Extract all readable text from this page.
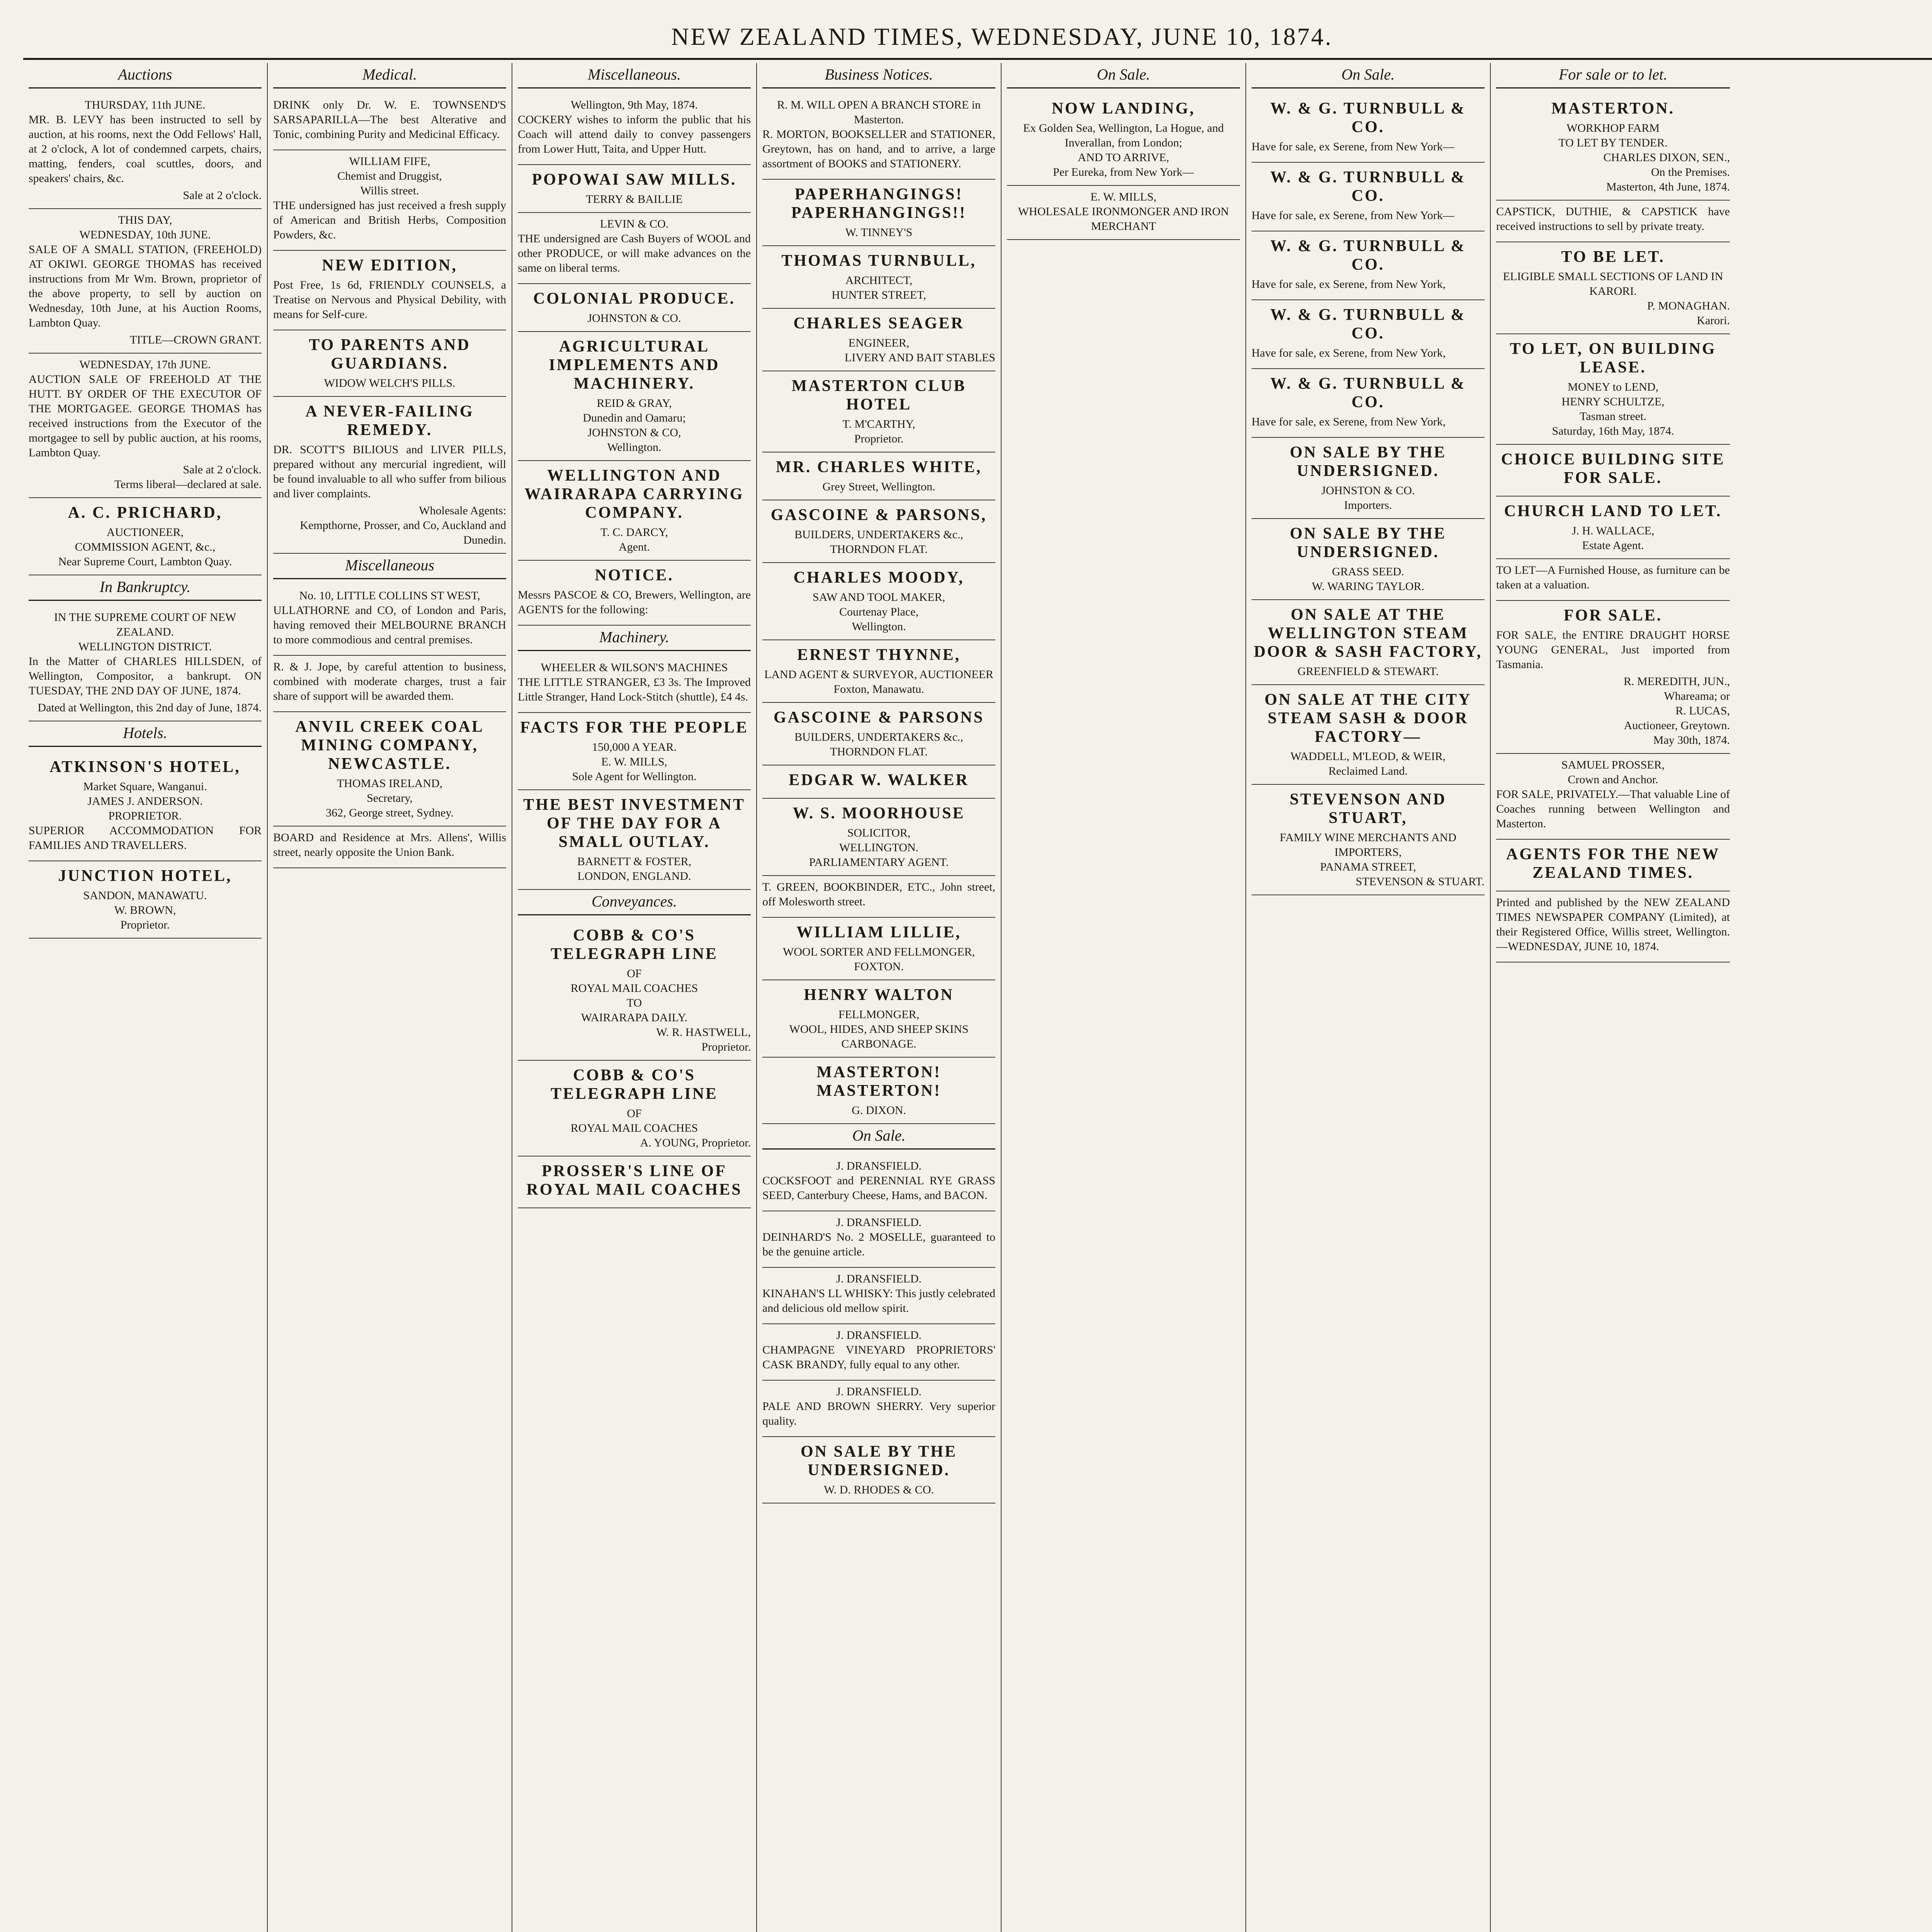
NEW ZEALAND TIMES, WEDNESDAY, JUNE 10, 1874.
Auctions

THURSDAY, 11th JUNE.

MR. B. LEVY has been instructed to sell by auction, at his rooms, next the Odd Fellows' Hall, at 2 o'clock, A lot of condemned carpets, chairs, matting, fenders, coal scuttles, doors, and speakers' chairs, &c.

Sale at 2 o'clock.

THIS DAY,

WEDNESDAY, 10th JUNE.

SALE OF A SMALL STATION, (FREEHOLD) AT OKIWI. GEORGE THOMAS has received instructions from Mr Wm. Brown, proprietor of the above property, to sell by auction on Wednesday, 10th June, at his Auction Rooms, Lambton Quay.

TITLE—CROWN GRANT.

WEDNESDAY, 17th JUNE.

AUCTION SALE OF FREEHOLD AT THE HUTT. BY ORDER OF THE EXECUTOR OF THE MORTGAGEE. GEORGE THOMAS has received instructions from the Executor of the mortgagee to sell by public auction, at his rooms, Lambton Quay.

Sale at 2 o'clock.

Terms liberal—declared at sale.

A. C. PRICHARD,

AUCTIONEER,

COMMISSION AGENT, &c.,

Near Supreme Court, Lambton Quay.

In Bankruptcy.

IN THE SUPREME COURT OF NEW ZEALAND.

WELLINGTON DISTRICT.

In the Matter of CHARLES HILLSDEN, of Wellington, Compositor, a bankrupt. ON TUESDAY, THE 2ND DAY OF JUNE, 1874.

Dated at Wellington, this 2nd day of June, 1874.

Hotels.
ATKINSON'S HOTEL,

Market Square, Wanganui.

JAMES J. ANDERSON.

PROPRIETOR.

SUPERIOR ACCOMMODATION FOR FAMILIES AND TRAVELLERS.

JUNCTION HOTEL,

SANDON, MANAWATU.

W. BROWN,

Proprietor.

Medical.

DRINK only Dr. W. E. TOWNSEND'S SARSAPARILLA—The best Alterative and Tonic, combining Purity and Medicinal Efficacy.

WILLIAM FIFE,

Chemist and Druggist,

Willis street.

THE undersigned has just received a fresh supply of American and British Herbs, Composition Powders, &c.

NEW EDITION,

Post Free, 1s 6d, FRIENDLY COUNSELS, a Treatise on Nervous and Physical Debility, with means for Self-cure.

TO PARENTS AND GUARDIANS.

WIDOW WELCH'S PILLS.

A NEVER-FAILING REMEDY.

DR. SCOTT'S BILIOUS and LIVER PILLS, prepared without any mercurial ingredient, will be found invaluable to all who suffer from bilious and liver complaints.

Wholesale Agents:

Kempthorne, Prosser, and Co, Auckland and Dunedin.

Miscellaneous

No. 10, LITTLE COLLINS ST WEST,

ULLATHORNE and CO, of London and Paris, having removed their MELBOURNE BRANCH to more commodious and central premises.

R. & J. Jope, by careful attention to business, combined with moderate charges, trust a fair share of support will be awarded them.

ANVIL CREEK COAL MINING COMPANY, NEWCASTLE.

THOMAS IRELAND,

Secretary,

362, George street, Sydney.

BOARD and Residence at Mrs. Allens', Willis street, nearly opposite the Union Bank.

Miscellaneous.

Wellington, 9th May, 1874.

COCKERY wishes to inform the public that his Coach will attend daily to convey passengers from Lower Hutt, Taita, and Upper Hutt.

POPOWAI SAW MILLS.

TERRY & BAILLIE

LEVIN & CO.

THE undersigned are Cash Buyers of WOOL and other PRODUCE, or will make advances on the same on liberal terms.

COLONIAL PRODUCE.

JOHNSTON & CO.

AGRICULTURAL IMPLEMENTS AND MACHINERY.

REID & GRAY,

Dunedin and Oamaru;

JOHNSTON & CO,

Wellington.

WELLINGTON AND WAIRARAPA CARRYING COMPANY.

T. C. DARCY,

Agent.

NOTICE.

Messrs PASCOE & CO, Brewers, Wellington, are AGENTS for the following:

Machinery.

WHEELER & WILSON'S MACHINES

THE LITTLE STRANGER, £3 3s. The Improved Little Stranger, Hand Lock-Stitch (shuttle), £4 4s.

FACTS FOR THE PEOPLE

150,000 A YEAR.

E. W. MILLS,

Sole Agent for Wellington.

THE BEST INVESTMENT OF THE DAY FOR A SMALL OUTLAY.

BARNETT & FOSTER,

LONDON, ENGLAND.

Conveyances.
COBB & CO'S TELEGRAPH LINE

OF

ROYAL MAIL COACHES

TO

WAIRARAPA DAILY.

W. R. HASTWELL,

Proprietor.

COBB & CO'S TELEGRAPH LINE

OF

ROYAL MAIL COACHES

A. YOUNG, Proprietor.

PROSSER'S LINE OF ROYAL MAIL COACHES
Business Notices.

R. M. WILL OPEN A BRANCH STORE in Masterton.

R. MORTON, BOOKSELLER and STATIONER, Greytown, has on hand, and to arrive, a large assortment of BOOKS and STATIONERY.

PAPERHANGINGS! PAPERHANGINGS!!

W. TINNEY'S

THOMAS TURNBULL,

ARCHITECT,

HUNTER STREET,

CHARLES SEAGER

ENGINEER,

LIVERY AND BAIT STABLES

MASTERTON CLUB HOTEL

T. M'CARTHY,

Proprietor.

MR. CHARLES WHITE,

Grey Street, Wellington.

GASCOINE & PARSONS,

BUILDERS, UNDERTAKERS &c.,

THORNDON FLAT.

CHARLES MOODY,

SAW AND TOOL MAKER,

Courtenay Place,

Wellington.

ERNEST THYNNE,

LAND AGENT & SURVEYOR, AUCTIONEER

Foxton, Manawatu.

GASCOINE & PARSONS

BUILDERS, UNDERTAKERS &c.,

THORNDON FLAT.

EDGAR W. WALKER
W. S. MOORHOUSE

SOLICITOR,

WELLINGTON.

PARLIAMENTARY AGENT.

T. GREEN, BOOKBINDER, ETC., John street, off Molesworth street.

WILLIAM LILLIE,

WOOL SORTER AND FELLMONGER,

FOXTON.

HENRY WALTON

FELLMONGER,

WOOL, HIDES, AND SHEEP SKINS

CARBONAGE.

MASTERTON! MASTERTON!

G. DIXON.

On Sale.

J. DRANSFIELD.

COCKSFOOT and PERENNIAL RYE GRASS SEED, Canterbury Cheese, Hams, and BACON.

J. DRANSFIELD.

DEINHARD'S No. 2 MOSELLE, guaranteed to be the genuine article.

J. DRANSFIELD.

KINAHAN'S LL WHISKY: This justly celebrated and delicious old mellow spirit.

J. DRANSFIELD.

CHAMPAGNE VINEYARD PROPRIETORS' CASK BRANDY, fully equal to any other.

J. DRANSFIELD.

PALE AND BROWN SHERRY. Very superior quality.

ON SALE BY THE UNDERSIGNED.

W. D. RHODES & CO.

On Sale.
NOW LANDING,

Ex Golden Sea, Wellington, La Hogue, and Inverallan, from London;

AND TO ARRIVE,

Per Eureka, from New York—

E. W. MILLS,

WHOLESALE IRONMONGER AND IRON MERCHANT

On Sale.
W. & G. TURNBULL & CO.

Have for sale, ex Serene, from New York—

W. & G. TURNBULL & CO.

Have for sale, ex Serene, from New York—

W. & G. TURNBULL & CO.

Have for sale, ex Serene, from New York,

W. & G. TURNBULL & CO.

Have for sale, ex Serene, from New York,

W. & G. TURNBULL & CO.

Have for sale, ex Serene, from New York,

ON SALE BY THE UNDERSIGNED.

JOHNSTON & CO.

Importers.

ON SALE BY THE UNDERSIGNED.

GRASS SEED.

W. WARING TAYLOR.

ON SALE AT THE WELLINGTON STEAM DOOR & SASH FACTORY,

GREENFIELD & STEWART.

ON SALE AT THE CITY STEAM SASH & DOOR FACTORY—

WADDELL, M'LEOD, & WEIR,

Reclaimed Land.

STEVENSON AND STUART,

FAMILY WINE MERCHANTS AND IMPORTERS,

PANAMA STREET,

STEVENSON & STUART.

For sale or to let.
MASTERTON.

WORKHOP FARM

TO LET BY TENDER.

CHARLES DIXON, SEN.,

On the Premises.

Masterton, 4th June, 1874.

CAPSTICK, DUTHIE, & CAPSTICK have received instructions to sell by private treaty.

TO BE LET.

ELIGIBLE SMALL SECTIONS OF LAND IN KARORI.

P. MONAGHAN.

Karori.

TO LET, ON BUILDING LEASE.

MONEY to LEND,

HENRY SCHULTZE,

Tasman street.

Saturday, 16th May, 1874.

CHOICE BUILDING SITE FOR SALE.
CHURCH LAND TO LET.

J. H. WALLACE,

Estate Agent.

TO LET—A Furnished House, as furniture can be taken at a valuation.

FOR SALE.

FOR SALE, the ENTIRE DRAUGHT HORSE YOUNG GENERAL, Just imported from Tasmania.

R. MEREDITH, JUN.,

Whareama; or

R. LUCAS,

Auctioneer, Greytown.

May 30th, 1874.

SAMUEL PROSSER,

Crown and Anchor.

FOR SALE, PRIVATELY.—That valuable Line of Coaches running between Wellington and Masterton.

AGENTS FOR THE NEW ZEALAND TIMES.

Printed and published by the NEW ZEALAND TIMES NEWSPAPER COMPANY (Limited), at their Registered Office, Willis street, Wellington.—WEDNESDAY, JUNE 10, 1874.
